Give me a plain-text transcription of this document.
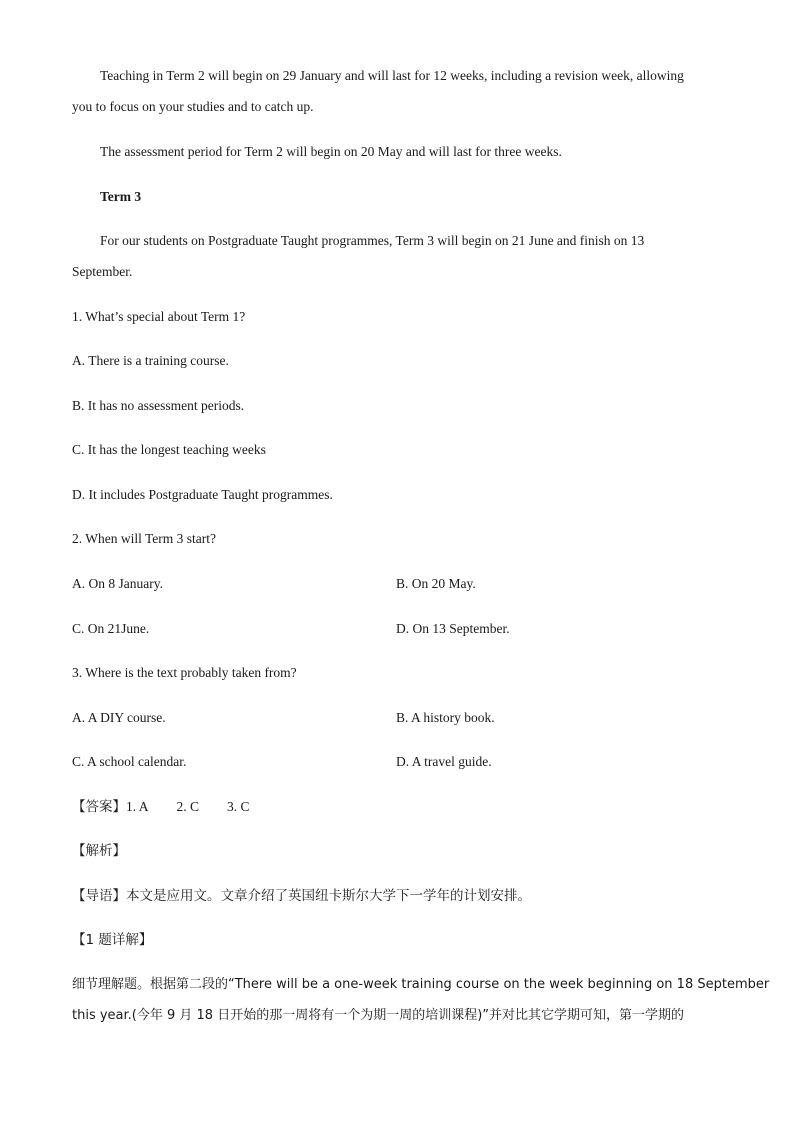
Teaching in Term 2 will begin on 29 January and will last for 12 weeks, including a revision week, allowing
you to focus on your studies and to catch up.
The assessment period for Term 2 will begin on 20 May and will last for three weeks.
Term 3
For our students on Postgraduate Taught programmes, Term 3 will begin on 21 June and finish on 13
September.
1. What’s special about Term 1?
A. There is a training course.
B. It has no assessment periods.
C. It has the longest teaching weeks
D. It includes Postgraduate Taught programmes.
2. When will Term 3 start?
A. On 8 January.	B. On 20 May.
C. On 21June.	D. On 13 September.
3. Where is the text probably taken from?
A. A DIY course.	B. A history book.
C. A school calendar.	D. A travel guide.
【答案】1. A 2. C 3. C
【解析】
【导语】本文是应用文。文章介绍了英国纽卡斯尔大学下一学年的计划安排。
【1 题详解】
细节理解题。根据第二段的“There will be a one-week training course on the week beginning on 18 September
this year.(今年 9 月 18 日开始的那一周将有一个为期一周的培训课程)”并对比其它学期可知，第一学期的
